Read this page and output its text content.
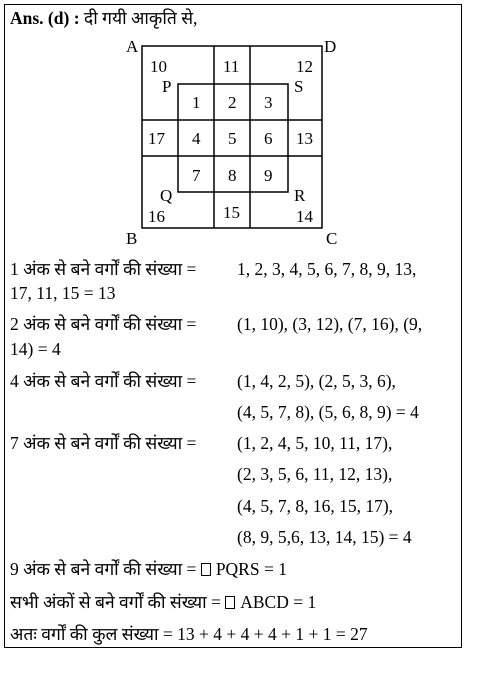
Ans. (d) : दी गयी आकृति से,
A	D
B	C
P	S
Q	R
10	11	12
1 2 3
17 4 5 6 13
7 8 9
16	15	14
1 अंक से बने वर्गों की संख्या = 1, 2, 3, 4, 5, 6, 7, 8, 9, 13,
17, 11, 15 = 13
2 अंक से बने वर्गों की संख्या = (1, 10), (3, 12), (7, 16), (9,
14) = 4
4 अंक से बने वर्गों की संख्या = (1, 4, 2, 5), (2, 5, 3, 6),
(4, 5, 7, 8), (5, 6, 8, 9) = 4
7 अंक से बने वर्गों की संख्या = (1, 2, 4, 5, 10, 11, 17),
(2, 3, 5, 6, 11, 12, 13),
(4, 5, 7, 8, 16, 15, 17),
(8, 9, 5,6, 13, 14, 15) = 4
9 अंक से बने वर्गों की संख्या = PQRS = 1
सभी अंकों से बने वर्गों की संख्या = ABCD = 1
अतः वर्गों की कुल संख्या = 13 + 4 + 4 + 4 + 1 + 1 = 27
